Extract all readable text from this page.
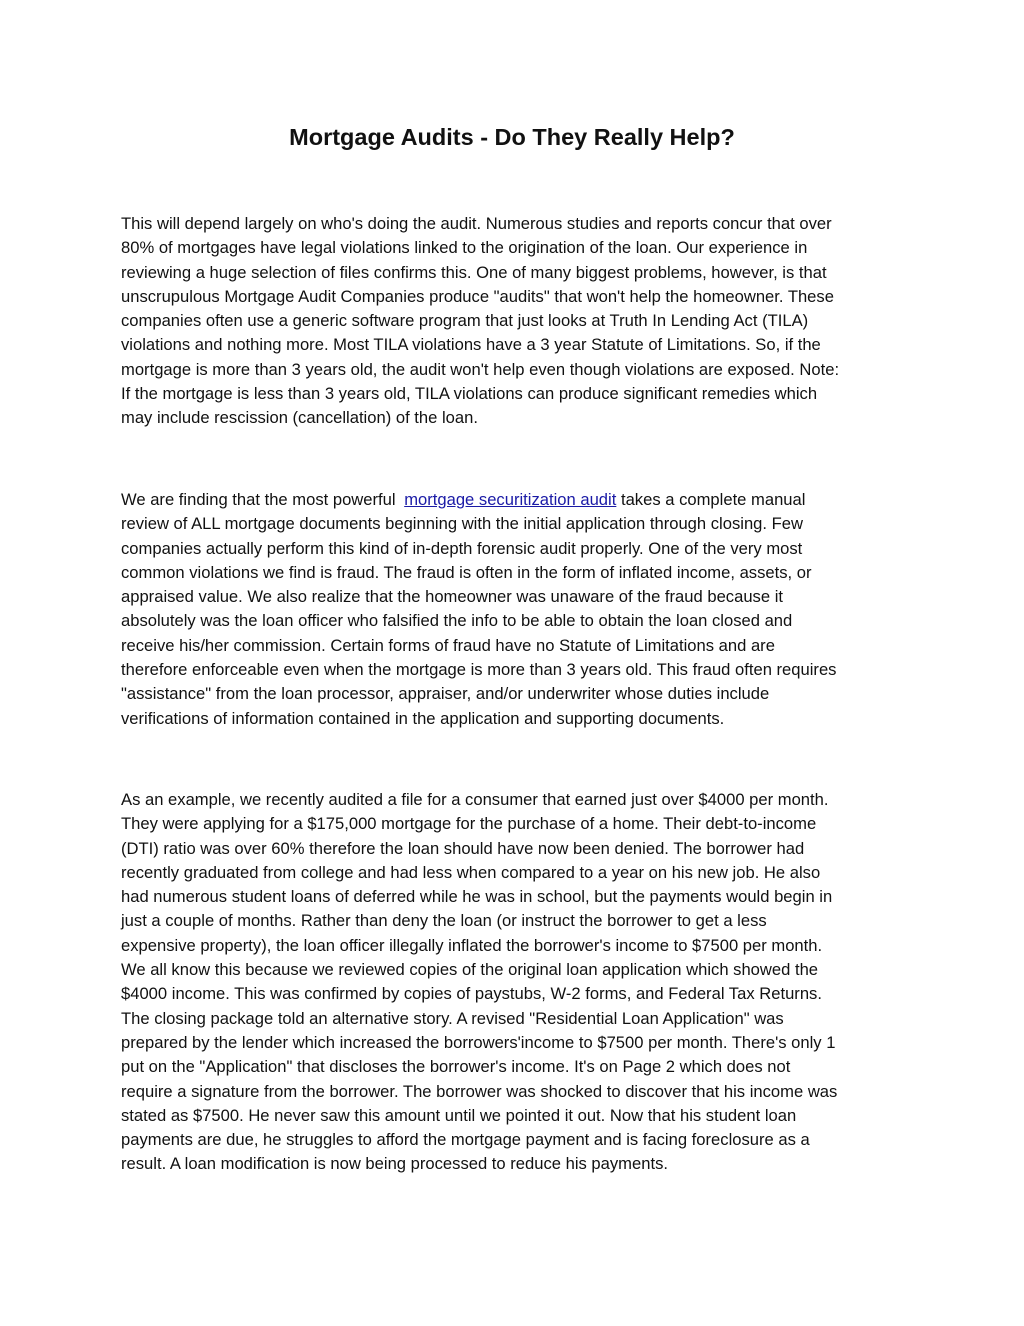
Mortgage Audits - Do They Really Help?

This will depend largely on who's doing the audit. Numerous studies and reports concur that over
80% of mortgages have legal violations linked to the origination of the loan. Our experience in
reviewing a huge selection of files confirms this. One of many biggest problems, however, is that
unscrupulous Mortgage Audit Companies produce "audits" that won't help the homeowner. These
companies often use a generic software program that just looks at Truth In Lending Act (TILA)
violations and nothing more. Most TILA violations have a 3 year Statute of Limitations. So, if the
mortgage is more than 3 years old, the audit won't help even though violations are exposed. Note:
If the mortgage is less than 3 years old, TILA violations can produce significant remedies which
may include rescission (cancellation) of the loan.

We are finding that the most powerful mortgage securitization audit takes a complete manual
review of ALL mortgage documents beginning with the initial application through closing. Few
companies actually perform this kind of in-depth forensic audit properly. One of the very most
common violations we find is fraud. The fraud is often in the form of inflated income, assets, or
appraised value. We also realize that the homeowner was unaware of the fraud because it
absolutely was the loan officer who falsified the info to be able to obtain the loan closed and
receive his/her commission. Certain forms of fraud have no Statute of Limitations and are
therefore enforceable even when the mortgage is more than 3 years old. This fraud often requires
"assistance" from the loan processor, appraiser, and/or underwriter whose duties include
verifications of information contained in the application and supporting documents.

As an example, we recently audited a file for a consumer that earned just over $4000 per month.
They were applying for a $175,000 mortgage for the purchase of a home. Their debt-to-income
(DTI) ratio was over 60% therefore the loan should have now been denied. The borrower had
recently graduated from college and had less when compared to a year on his new job. He also
had numerous student loans of deferred while he was in school, but the payments would begin in
just a couple of months. Rather than deny the loan (or instruct the borrower to get a less
expensive property), the loan officer illegally inflated the borrower's income to $7500 per month.
We all know this because we reviewed copies of the original loan application which showed the
$4000 income. This was confirmed by copies of paystubs, W-2 forms, and Federal Tax Returns.
The closing package told an alternative story. A revised "Residential Loan Application" was
prepared by the lender which increased the borrowers'income to $7500 per month. There's only 1
put on the "Application" that discloses the borrower's income. It's on Page 2 which does not
require a signature from the borrower. The borrower was shocked to discover that his income was
stated as $7500. He never saw this amount until we pointed it out. Now that his student loan
payments are due, he struggles to afford the mortgage payment and is facing foreclosure as a
result. A loan modification is now being processed to reduce his payments.
